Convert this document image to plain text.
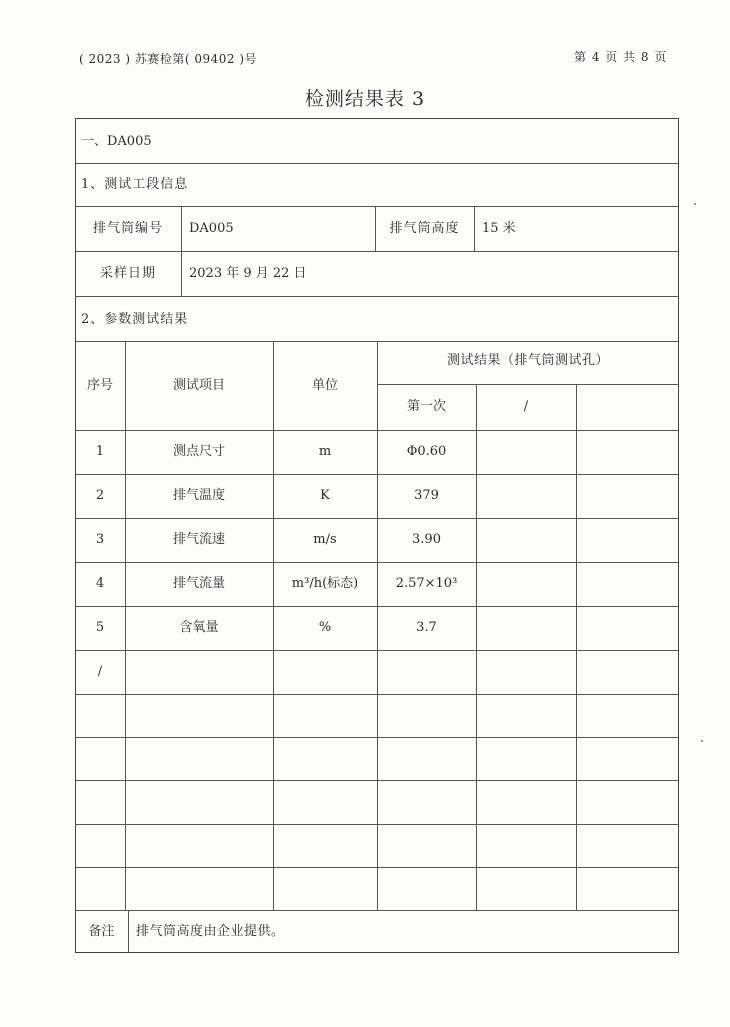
( 2023 ) 苏赛检第( 09402 )号	第 4 页 共 8 页
检测结果表 3
一、DA005
1、测试工段信息
排气筒编号	DA005	排气筒高度	15 米
采样日期	2023 年 9 月 22 日
2、参数测试结果
序号	测试项目	单位
测试结果（排气筒测试孔）
第一次	/
1	测点尺寸	m	Φ0.60
2	排气温度	K	379
3	排气流速	m/s	3.90
4	排气流量	m³/h(标态)	2.57×10³
5	含氧量	%	3.7
/
备注	排气筒高度由企业提供。
